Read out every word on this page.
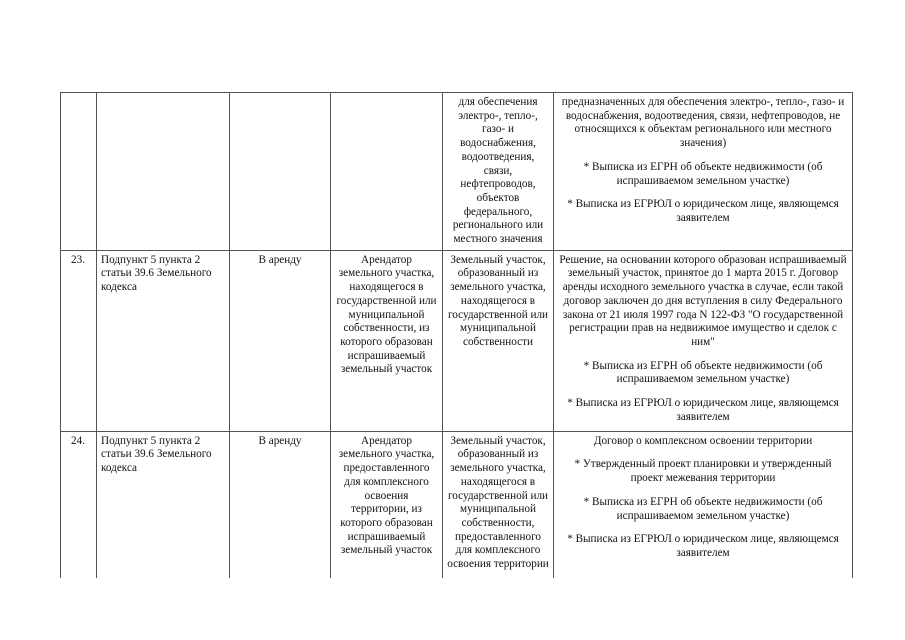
				для обеспечения электро-, тепло-, газо- и водоснабжения, водоотведения, связи, нефтепроводов, объектов федерального, регионального или местного значения	предназначенных для обеспечения электро-, тепло-, газо- и водоснабжения, водоотведения, связи, нефтепроводов, не относящихся к объектам регионального или местного значения)

* Выписка из ЕГРН об объекте недвижимости (об испрашиваемом земельном участке)

* Выписка из ЕГРЮЛ о юридическом лице, являющемся заявителем

23.	Подпункт 5 пункта 2 статьи 39.6 Земельного кодекса	В аренду	Арендатор земельного участка, находящегося в государственной или муниципальной собственности, из которого образован испрашиваемый земельный участок	Земельный участок, образованный из земельного участка, находящегося в государственной или муниципальной собственности	Решение, на основании которого образован испрашиваемый земельный участок, принятое до 1 марта 2015 г. Договор аренды исходного земельного участка в случае, если такой договор заключен до дня вступления в силу Федерального закона от 21 июля 1997 года N 122-ФЗ "О государственной регистрации прав на недвижимое имущество и сделок с ним"

* Выписка из ЕГРН об объекте недвижимости (об испрашиваемом земельном участке)

* Выписка из ЕГРЮЛ о юридическом лице, являющемся заявителем

24.	Подпункт 5 пункта 2 статьи 39.6 Земельного кодекса	В аренду	Арендатор земельного участка, предоставленного для комплексного освоения территории, из которого образован испрашиваемый земельный участок	Земельный участок, образованный из земельного участка, находящегося в государственной или муниципальной собственности, предоставленного для комплексного освоения территории	Договор о комплексном освоении территории

* Утвержденный проект планировки и утвержденный проект межевания территории

* Выписка из ЕГРН об объекте недвижимости (об испрашиваемом земельном участке)

* Выписка из ЕГРЮЛ о юридическом лице, являющемся заявителем
